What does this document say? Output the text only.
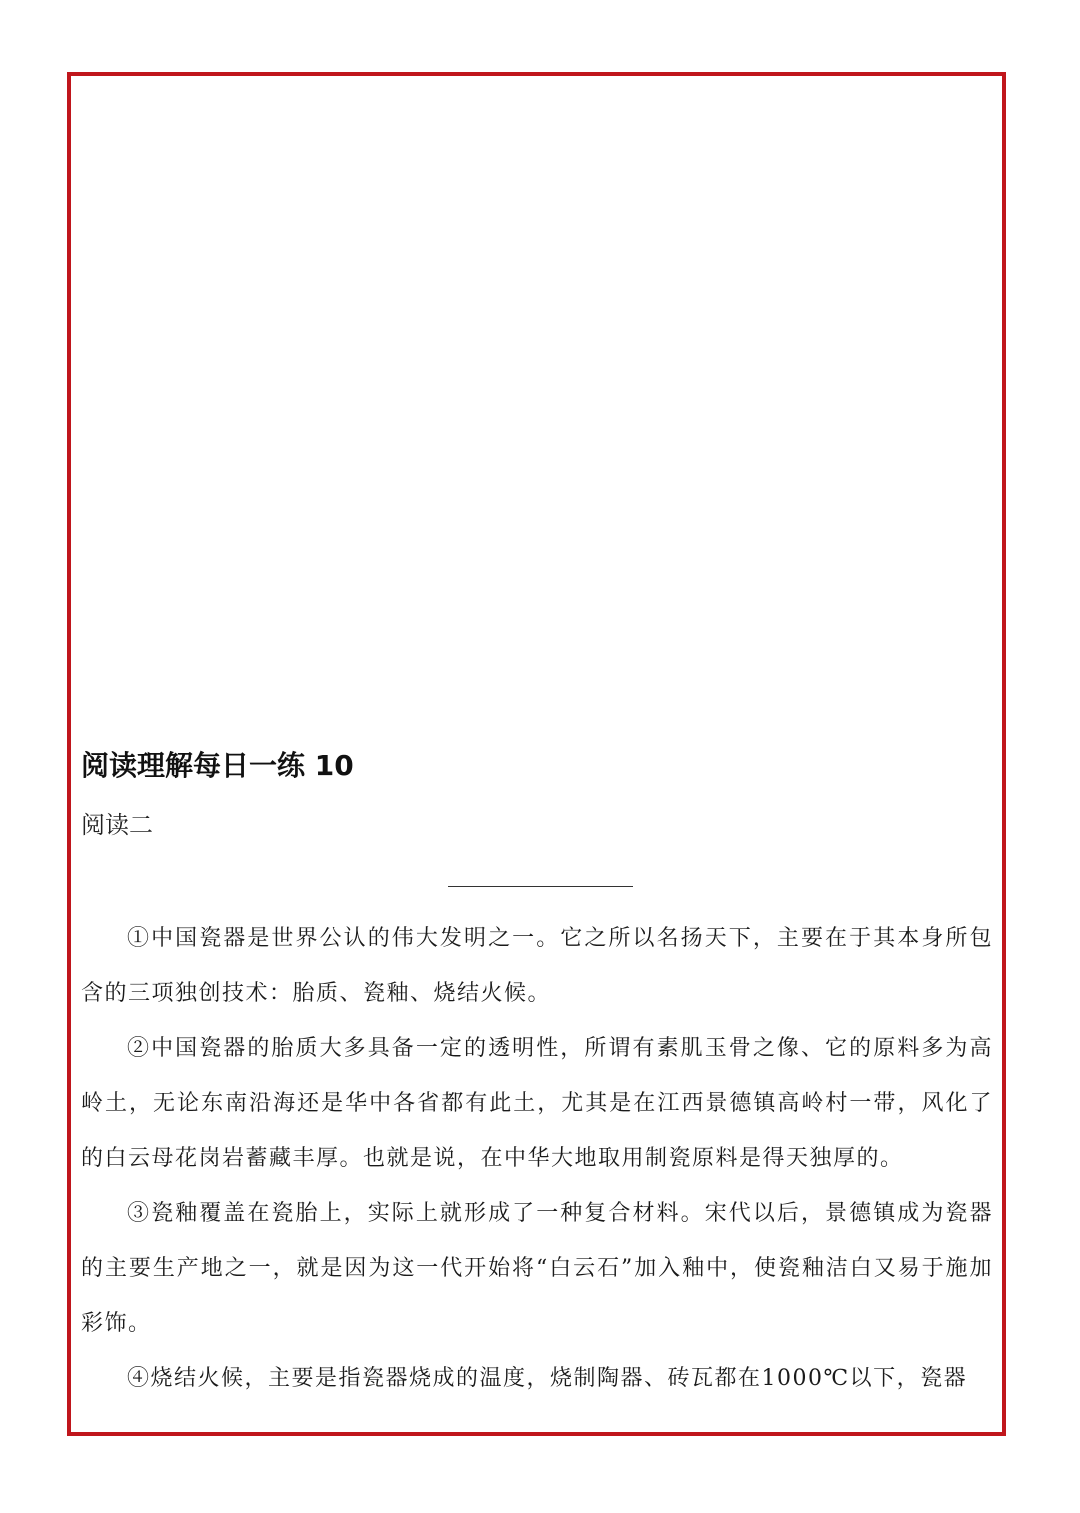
阅读理解每日一练 10
阅读二

①中国瓷器是世界公认的伟大发明之一。它之所以名扬天下，主要在于其本身所包含的三项独创技术：胎质、瓷釉、烧结火候。

②中国瓷器的胎质大多具备一定的透明性，所谓有素肌玉骨之像、它的原料多为高岭土，无论东南沿海还是华中各省都有此土，尤其是在江西景德镇高岭村一带，风化了的白云母花岗岩蓄藏丰厚。也就是说，在中华大地取用制瓷原料是得天独厚的。

③瓷釉覆盖在瓷胎上，实际上就形成了一种复合材料。宋代以后，景德镇成为瓷器的主要生产地之一，就是因为这一代开始将“白云石”加入釉中，使瓷釉洁白又易于施加彩饰。

④烧结火候，主要是指瓷器烧成的温度，烧制陶器、砖瓦都在1000℃以下，瓷器
